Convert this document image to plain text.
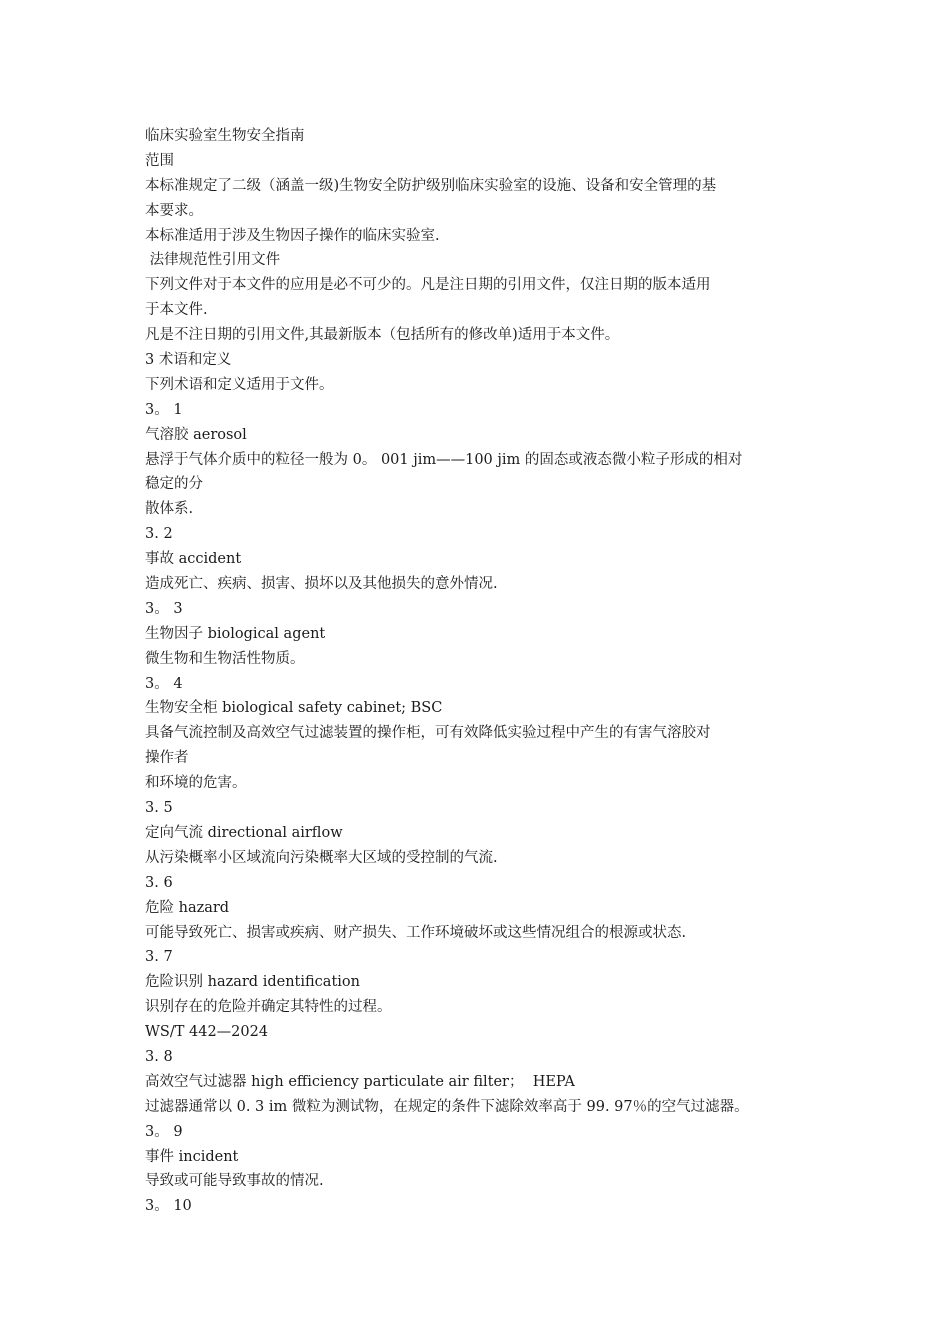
临床实验室生物安全指南

范围

本标准规定了二级（涵盖一级)生物安全防护级别临床实验室的设施、设备和安全管理的基

本要求。

本标准适用于涉及生物因子操作的临床实验室.

法律规范性引用文件

下列文件对于本文件的应用是必不可少的。凡是注日期的引用文件，仅注日期的版本适用

于本文件.

凡是不注日期的引用文件,其最新版本（包括所有的修改单)适用于本文件。

3 术语和定义

下列术语和定义适用于文件。

3。 1

气溶胶 aerosol

悬浮于气体介质中的粒径一般为 0。 001 jim——100 jim 的固态或液态微小粒子形成的相对

稳定的分

散体系.

3. 2

事故 accident

造成死亡、疾病、损害、损坏以及其他损失的意外情况.

3。 3

生物因子 biological agent

微生物和生物活性物质。

3。 4

生物安全柜 biological safety cabinet; BSC

具备气流控制及高效空气过滤装置的操作柜，可有效降低实验过程中产生的有害气溶胶对

操作者

和环境的危害。

3. 5

定向气流 directional airflow

从污染概率小区域流向污染概率大区域的受控制的气流.

3. 6

危险 hazard

可能导致死亡、损害或疾病、财产损失、工作环境破坏或这些情况组合的根源或状态.

3. 7

危险识别 hazard identification

识别存在的危险并确定其特性的过程。

WS/T 442—2024

3. 8

高效空气过滤器 high efficiency particulate air filter；  HEPA

过滤器通常以 0. 3 im 微粒为测试物，在规定的条件下滤除效率高于 99. 97％的空气过滤器。

3。 9

事件 incident

导致或可能导致事故的情况.

3。 10
